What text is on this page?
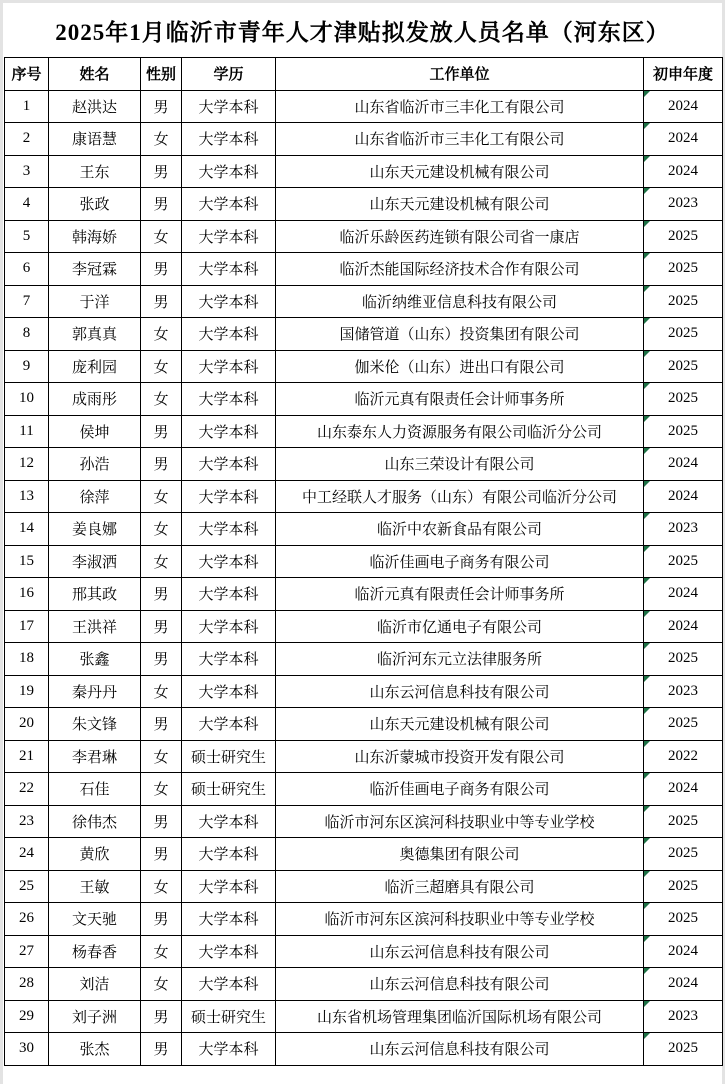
2025年1月临沂市青年人才津贴拟发放人员名单（河东区）
序号	姓名	性别	学历	工作单位	初申年度
1	赵洪达	男	大学本科	山东省临沂市三丰化工有限公司	2024
2	康语慧	女	大学本科	山东省临沂市三丰化工有限公司	2024
3	王东	男	大学本科	山东天元建设机械有限公司	2024
4	张政	男	大学本科	山东天元建设机械有限公司	2023
5	韩海娇	女	大学本科	临沂乐龄医药连锁有限公司省一康店	2025
6	李冠霖	男	大学本科	临沂杰能国际经济技术合作有限公司	2025
7	于洋	男	大学本科	临沂纳维亚信息科技有限公司	2025
8	郭真真	女	大学本科	国储管道（山东）投资集团有限公司	2025
9	庞利园	女	大学本科	伽米伦（山东）进出口有限公司	2025
10	成雨彤	女	大学本科	临沂元真有限责任会计师事务所	2025
11	侯坤	男	大学本科	山东泰东人力资源服务有限公司临沂分公司	2025
12	孙浩	男	大学本科	山东三荣设计有限公司	2024
13	徐萍	女	大学本科	中工经联人才服务（山东）有限公司临沂分公司	2024
14	姜良娜	女	大学本科	临沂中农新食品有限公司	2023
15	李淑洒	女	大学本科	临沂佳画电子商务有限公司	2025
16	邢其政	男	大学本科	临沂元真有限责任会计师事务所	2024
17	王洪祥	男	大学本科	临沂市亿通电子有限公司	2024
18	张鑫	男	大学本科	临沂河东元立法律服务所	2025
19	秦丹丹	女	大学本科	山东云河信息科技有限公司	2023
20	朱文锋	男	大学本科	山东天元建设机械有限公司	2025
21	李君琳	女	硕士研究生	山东沂蒙城市投资开发有限公司	2022
22	石佳	女	硕士研究生	临沂佳画电子商务有限公司	2024
23	徐伟杰	男	大学本科	临沂市河东区滨河科技职业中等专业学校	2025
24	黄欣	男	大学本科	奥德集团有限公司	2025
25	王敏	女	大学本科	临沂三超磨具有限公司	2025
26	文天驰	男	大学本科	临沂市河东区滨河科技职业中等专业学校	2025
27	杨春香	女	大学本科	山东云河信息科技有限公司	2024
28	刘洁	女	大学本科	山东云河信息科技有限公司	2024
29	刘子洲	男	硕士研究生	山东省机场管理集团临沂国际机场有限公司	2023
30	张杰	男	大学本科	山东云河信息科技有限公司	2025
